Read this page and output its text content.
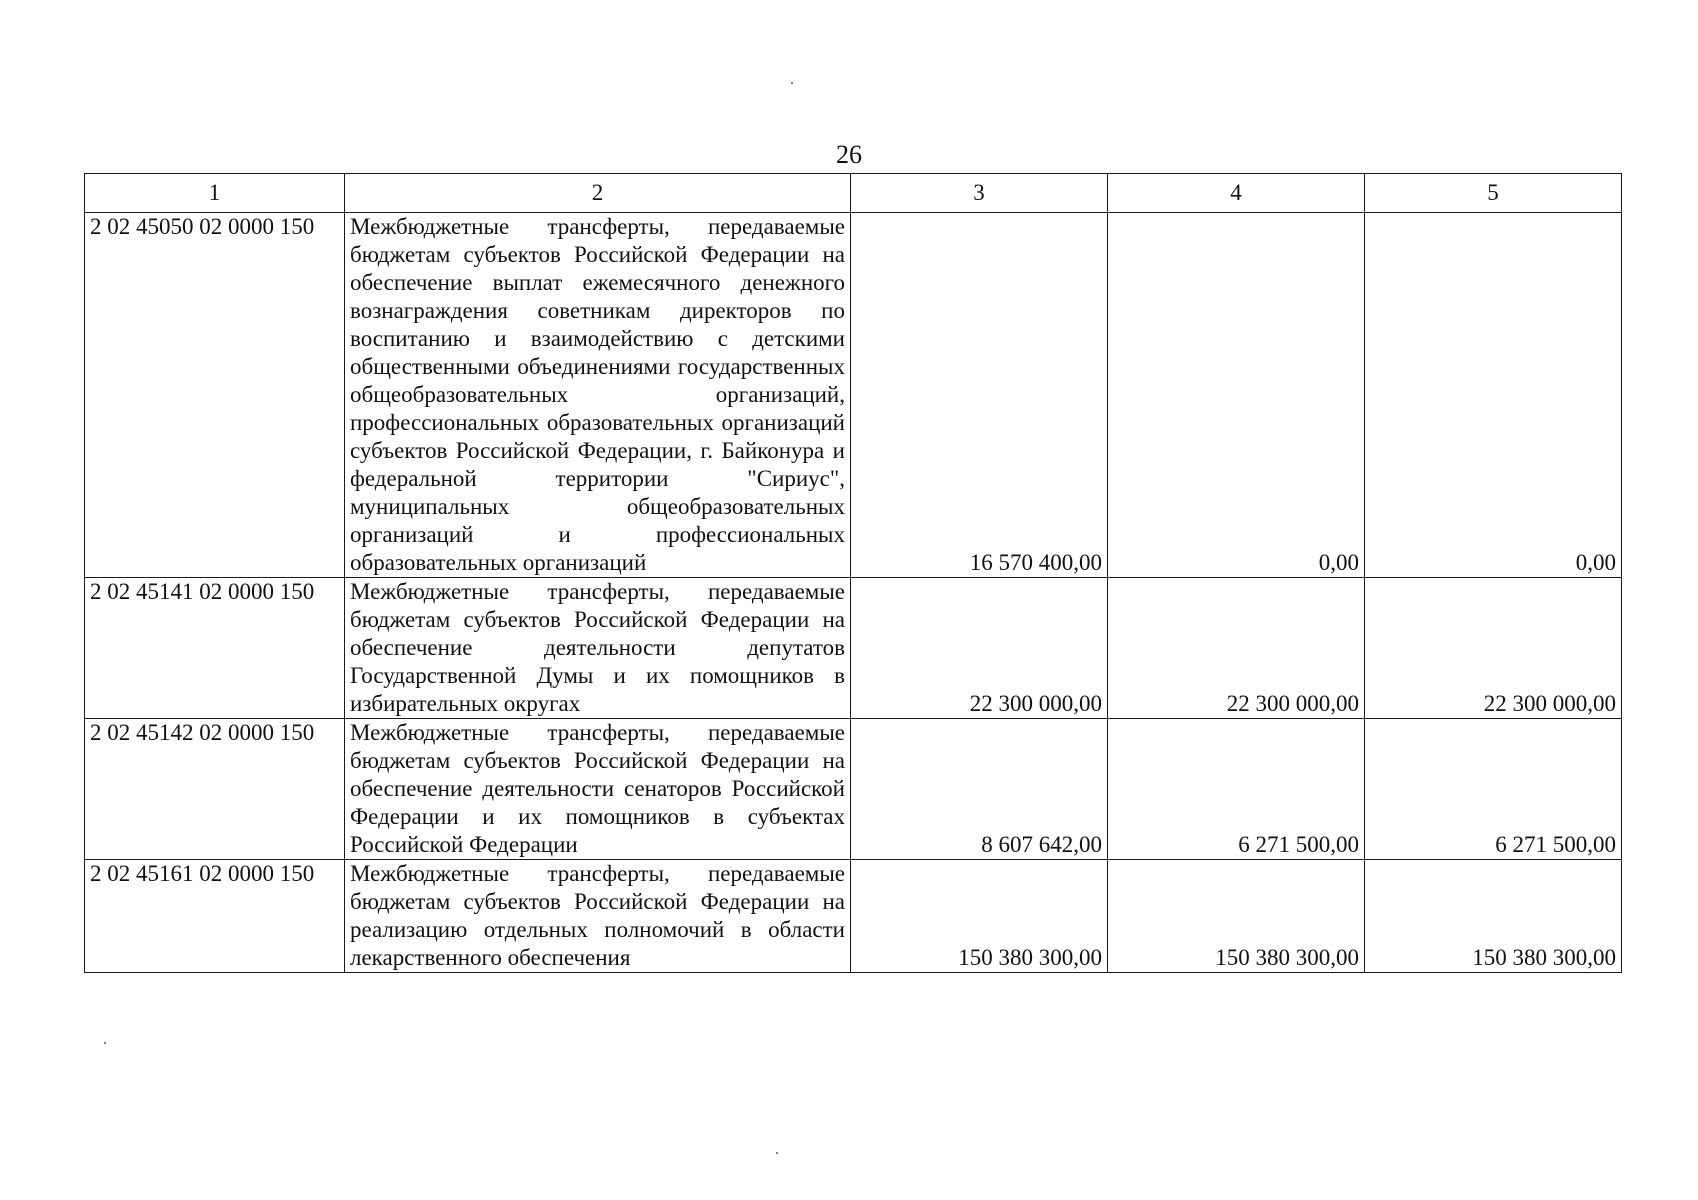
26
1	2	3	4	5
2 02 45050 02 0000 150	Межбюджетные трансферты, передаваемые бюджетам субъектов Российской Федерации на обеспечение выплат ежемесячного денежного вознаграждения советникам директоров по воспитанию и взаимодействию с детскими общественными объединениями государственных общеобразовательных организаций, профессиональных образовательных организаций субъектов Российской Федерации, г. Байконура и федеральной территории "Сириус", муниципальных общеобразовательных организаций и профессиональных образовательных организаций	16 570 400,00	0,00	0,00
2 02 45141 02 0000 150	Межбюджетные трансферты, передаваемые бюджетам субъектов Российской Федерации на обеспечение деятельности депутатов Государственной Думы и их помощников в избирательных округах	22 300 000,00	22 300 000,00	22 300 000,00
2 02 45142 02 0000 150	Межбюджетные трансферты, передаваемые бюджетам субъектов Российской Федерации на обеспечение деятельности сенаторов Российской Федерации и их помощников в субъектах Российской Федерации	8 607 642,00	6 271 500,00	6 271 500,00
2 02 45161 02 0000 150	Межбюджетные трансферты, передаваемые бюджетам субъектов Российской Федерации на реализацию отдельных полномочий в области лекарственного обеспечения	150 380 300,00	150 380 300,00	150 380 300,00
